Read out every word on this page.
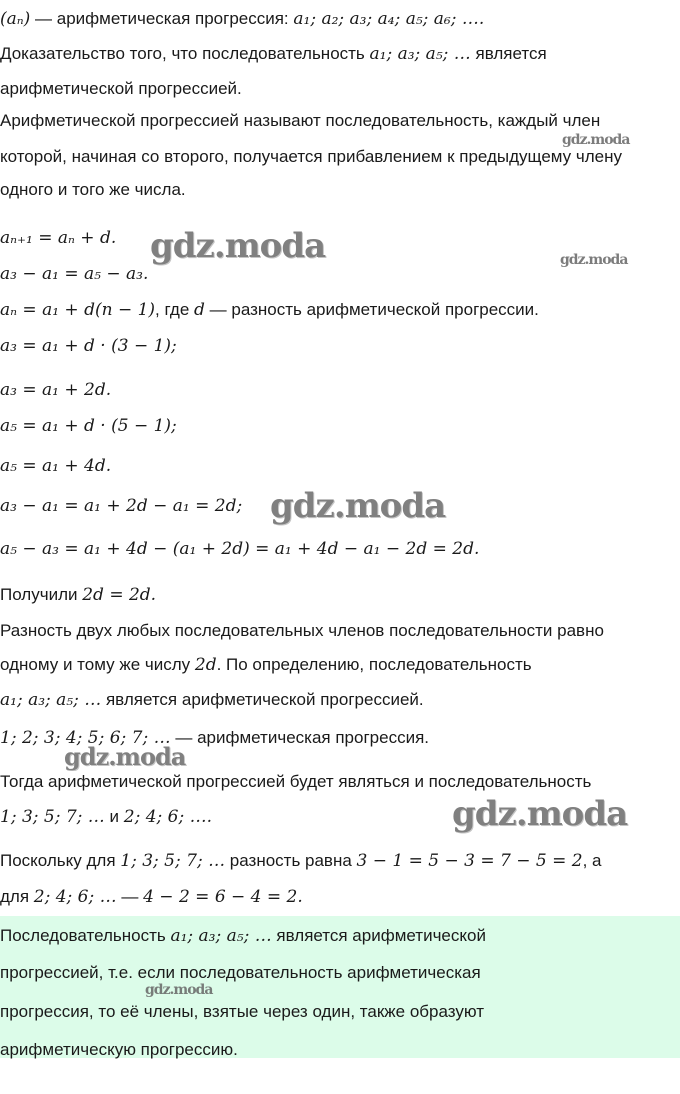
(aₙ) — арифметическая прогрессия: a₁; a₂; a₃; a₄; a₅; a₆; ….
Доказательство того, что последовательность a₁; a₃; a₅; … является
арифметической прогрессией.
Арифметической прогрессией называют последовательность, каждый член
которой, начиная со второго, получается прибавлением к предыдущему члену
одного и того же числа.
aₙ₊₁ = aₙ + d.
a₃ − a₁ = a₅ − a₃.
aₙ = a₁ + d(n − 1), где d — разность арифметической прогрессии.
a₃ = a₁ + d · (3 − 1);
a₃ = a₁ + 2d.
a₅ = a₁ + d · (5 − 1);
a₅ = a₁ + 4d.
a₃ − a₁ = a₁ + 2d − a₁ = 2d;
a₅ − a₃ = a₁ + 4d − (a₁ + 2d) = a₁ + 4d − a₁ − 2d = 2d.
Получили 2d = 2d.
Разность двух любых последовательных членов последовательности равно
одному и тому же числу 2d. По определению, последовательность
a₁; a₃; a₅; … является арифметической прогрессией.
1; 2; 3; 4; 5; 6; 7; … — арифметическая прогрессия.
Тогда арифметической прогрессией будет являться и последовательность
1; 3; 5; 7; … и 2; 4; 6; ….
Поскольку для 1; 3; 5; 7; … разность равна 3 − 1 = 5 − 3 = 7 − 5 = 2, а
для 2; 4; 6; … — 4 − 2 = 6 − 4 = 2.
Последовательность a₁; a₃; a₅; … является арифметической
прогрессией, т.е. если последовательность арифметическая
прогрессия, то её члены, взятые через один, также образуют
арифметическую прогрессию.
gdz.moda
gdz.moda	gdz.moda
gdz.moda
gdz.moda
gdz.moda
gdz.moda
